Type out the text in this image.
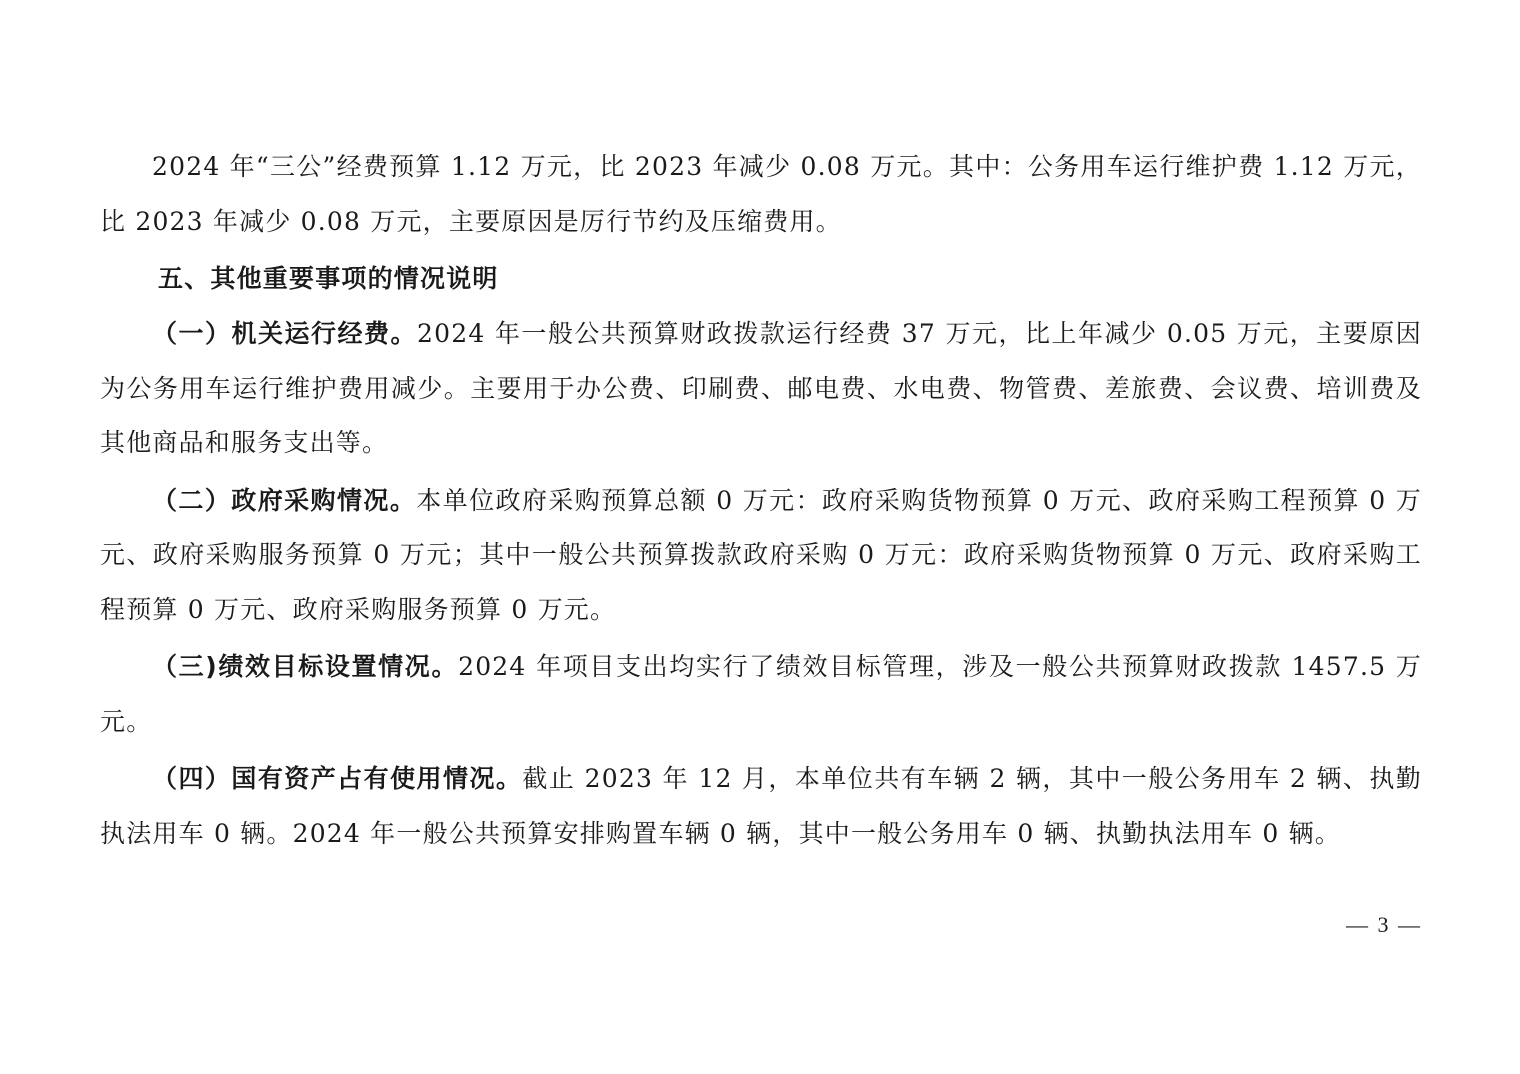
2024 年“三公”经费预算 1.12 万元，比 2023 年减少 0.08 万元。其中：公务用车运行维护费 1.12 万元，比 2023 年减少 0.08 万元，主要原因是厉行节约及压缩费用。

五、其他重要事项的情况说明

（一）机关运行经费。2024 年一般公共预算财政拨款运行经费 37 万元，比上年减少 0.05 万元，主要原因为公务用车运行维护费用减少。主要用于办公费、印刷费、邮电费、水电费、物管费、差旅费、会议费、培训费及其他商品和服务支出等。

（二）政府采购情况。本单位政府采购预算总额 0 万元：政府采购货物预算 0 万元、政府采购工程预算 0 万元、政府采购服务预算 0 万元；其中一般公共预算拨款政府采购 0 万元：政府采购货物预算 0 万元、政府采购工程预算 0 万元、政府采购服务预算 0 万元。

（三)绩效目标设置情况。2024 年项目支出均实行了绩效目标管理，涉及一般公共预算财政拨款 1457.5 万元。

（四）国有资产占有使用情况。截止 2023 年 12 月，本单位共有车辆 2 辆，其中一般公务用车 2 辆、执勤执法用车 0 辆。2024 年一般公共预算安排购置车辆 0 辆，其中一般公务用车 0 辆、执勤执法用车 0 辆。

— 3 —
